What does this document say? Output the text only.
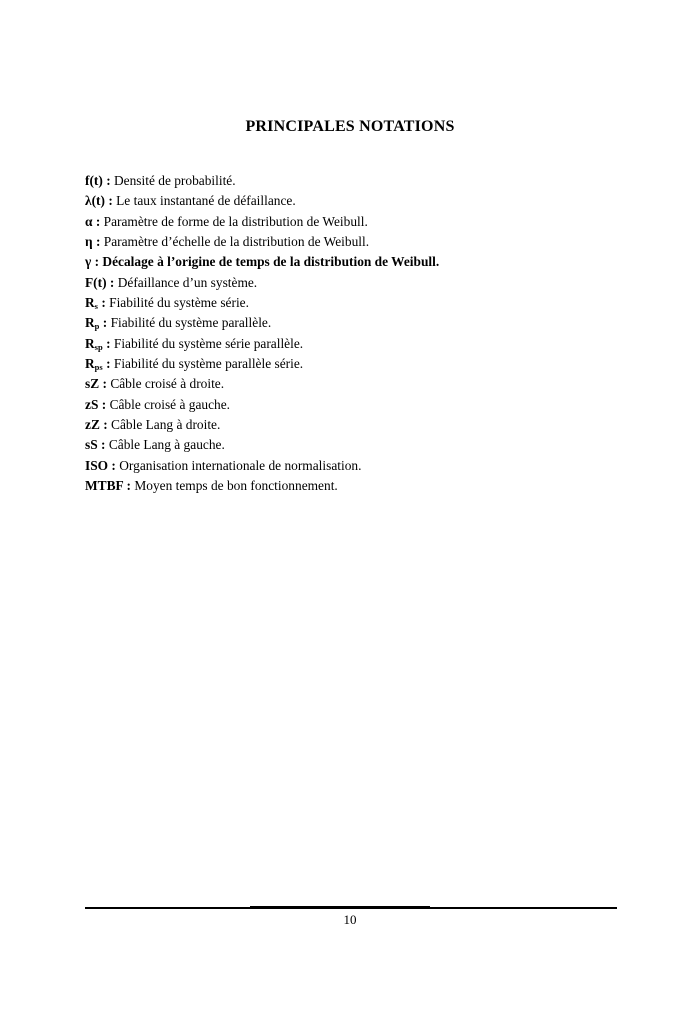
PRINCIPALES NOTATIONS
f(t) : Densité de probabilité.
λ(t) : Le taux instantané de défaillance.
α : Paramètre de forme de la distribution de Weibull.
η : Paramètre d’échelle de la distribution de Weibull.
γ : Décalage à l’origine de temps de la distribution de Weibull.
F(t) : Défaillance d’un système.
$R_s$ : Fiabilité du système série.
$R_p$ : Fiabilité du système parallèle.
$R_{sp}$ : Fiabilité du système série parallèle.
$R_{ps}$ : Fiabilité du système parallèle série.
sZ : Câble croisé à droite.
zS : Câble croisé à gauche.
zZ : Câble Lang à droite.
sS : Câble Lang à gauche.
ISO : Organisation internationale de normalisation.
MTBF : Moyen temps de bon fonctionnement.
10
